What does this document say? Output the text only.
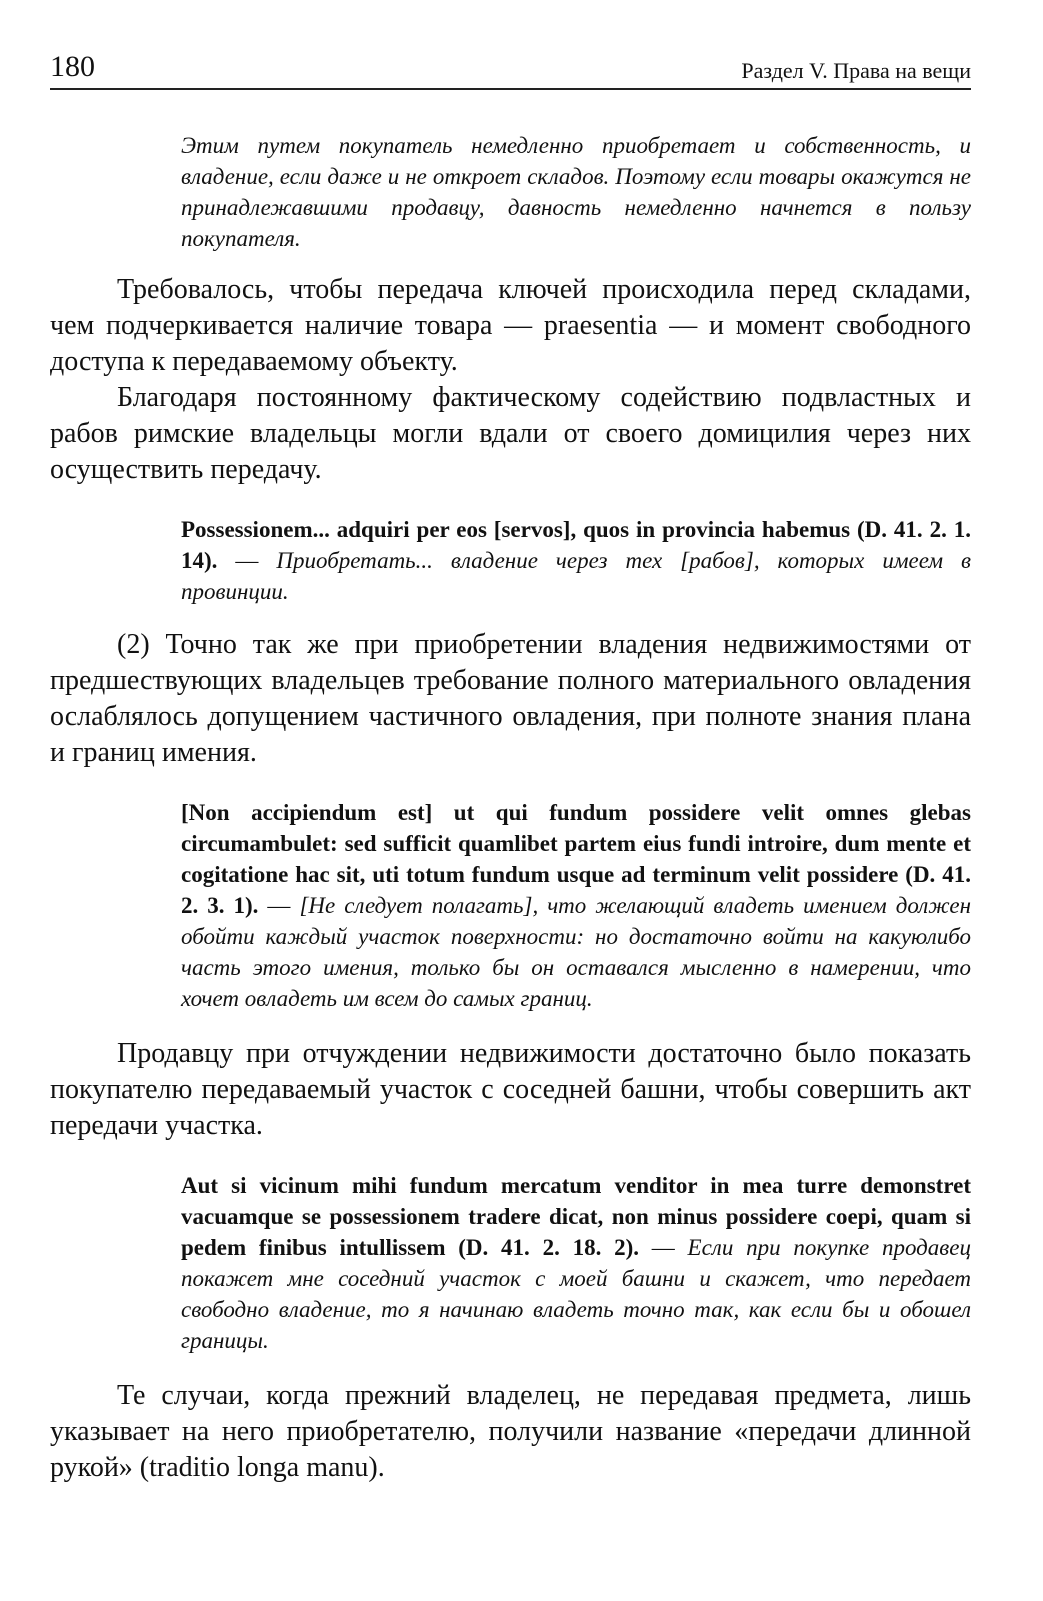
180	Раздел V. Права на вещи
Этим путем покупатель немедленно приобретает и собственность, и владение, если даже и не откроет складов. Поэтому если товары окажутся не принадлежавшими продавцу, давность немедленно начнется в пользу покупателя.

Требовалось, чтобы передача ключей происходила перед складами, чем подчеркивается наличие товара — praesentia — и момент свободного доступа к передаваемому объекту.

Благодаря постоянному фактическому содействию подвластных и рабов римские владельцы могли вдали от своего домицилия через них осуществить передачу.

Possessionem... adquiri per eos [servos], quos in provincia habemus (D. 41. 2. 1. 14). — Приобретать... владение через тех [рабов], которых имеем в провинции.

(2) Точно так же при приобретении владения недвижимостями от предшествующих владельцев требование полного материального овладения ослаблялось допущением частичного овладения, при полноте знания плана и границ имения.

[Non accipiendum est] ut qui fundum possidere velit omnes glebas circumambulet: sed sufficit quamlibet partem eius fundi introire, dum mente et cogitatione hac sit, uti totum fundum usque ad terminum velit possidere (D. 41. 2. 3. 1). — [Не следует полагать], что желающий владеть имением должен обойти каждый участок поверхности: но достаточно войти на какуюлибо часть этого имения, только бы он оставался мысленно в намерении, что хочет овладеть им всем до самых границ.

Продавцу при отчуждении недвижимости достаточно было показать покупателю передаваемый участок с соседней башни, чтобы совершить акт передачи участка.

Aut si vicinum mihi fundum mercatum venditor in mea turre demonstret vacuamque se possessionem tradere dicat, non minus possidere coepi, quam si pedem finibus intullissem (D. 41. 2. 18. 2). — Если при покупке продавец покажет мне соседний участок с моей башни и скажет, что передает свободно владение, то я начинаю владеть точно так, как если бы и обошел границы.

Те случаи, когда прежний владелец, не передавая предмета, лишь указывает на него приобретателю, получили название «передачи длинной рукой» (traditio longa manu).
